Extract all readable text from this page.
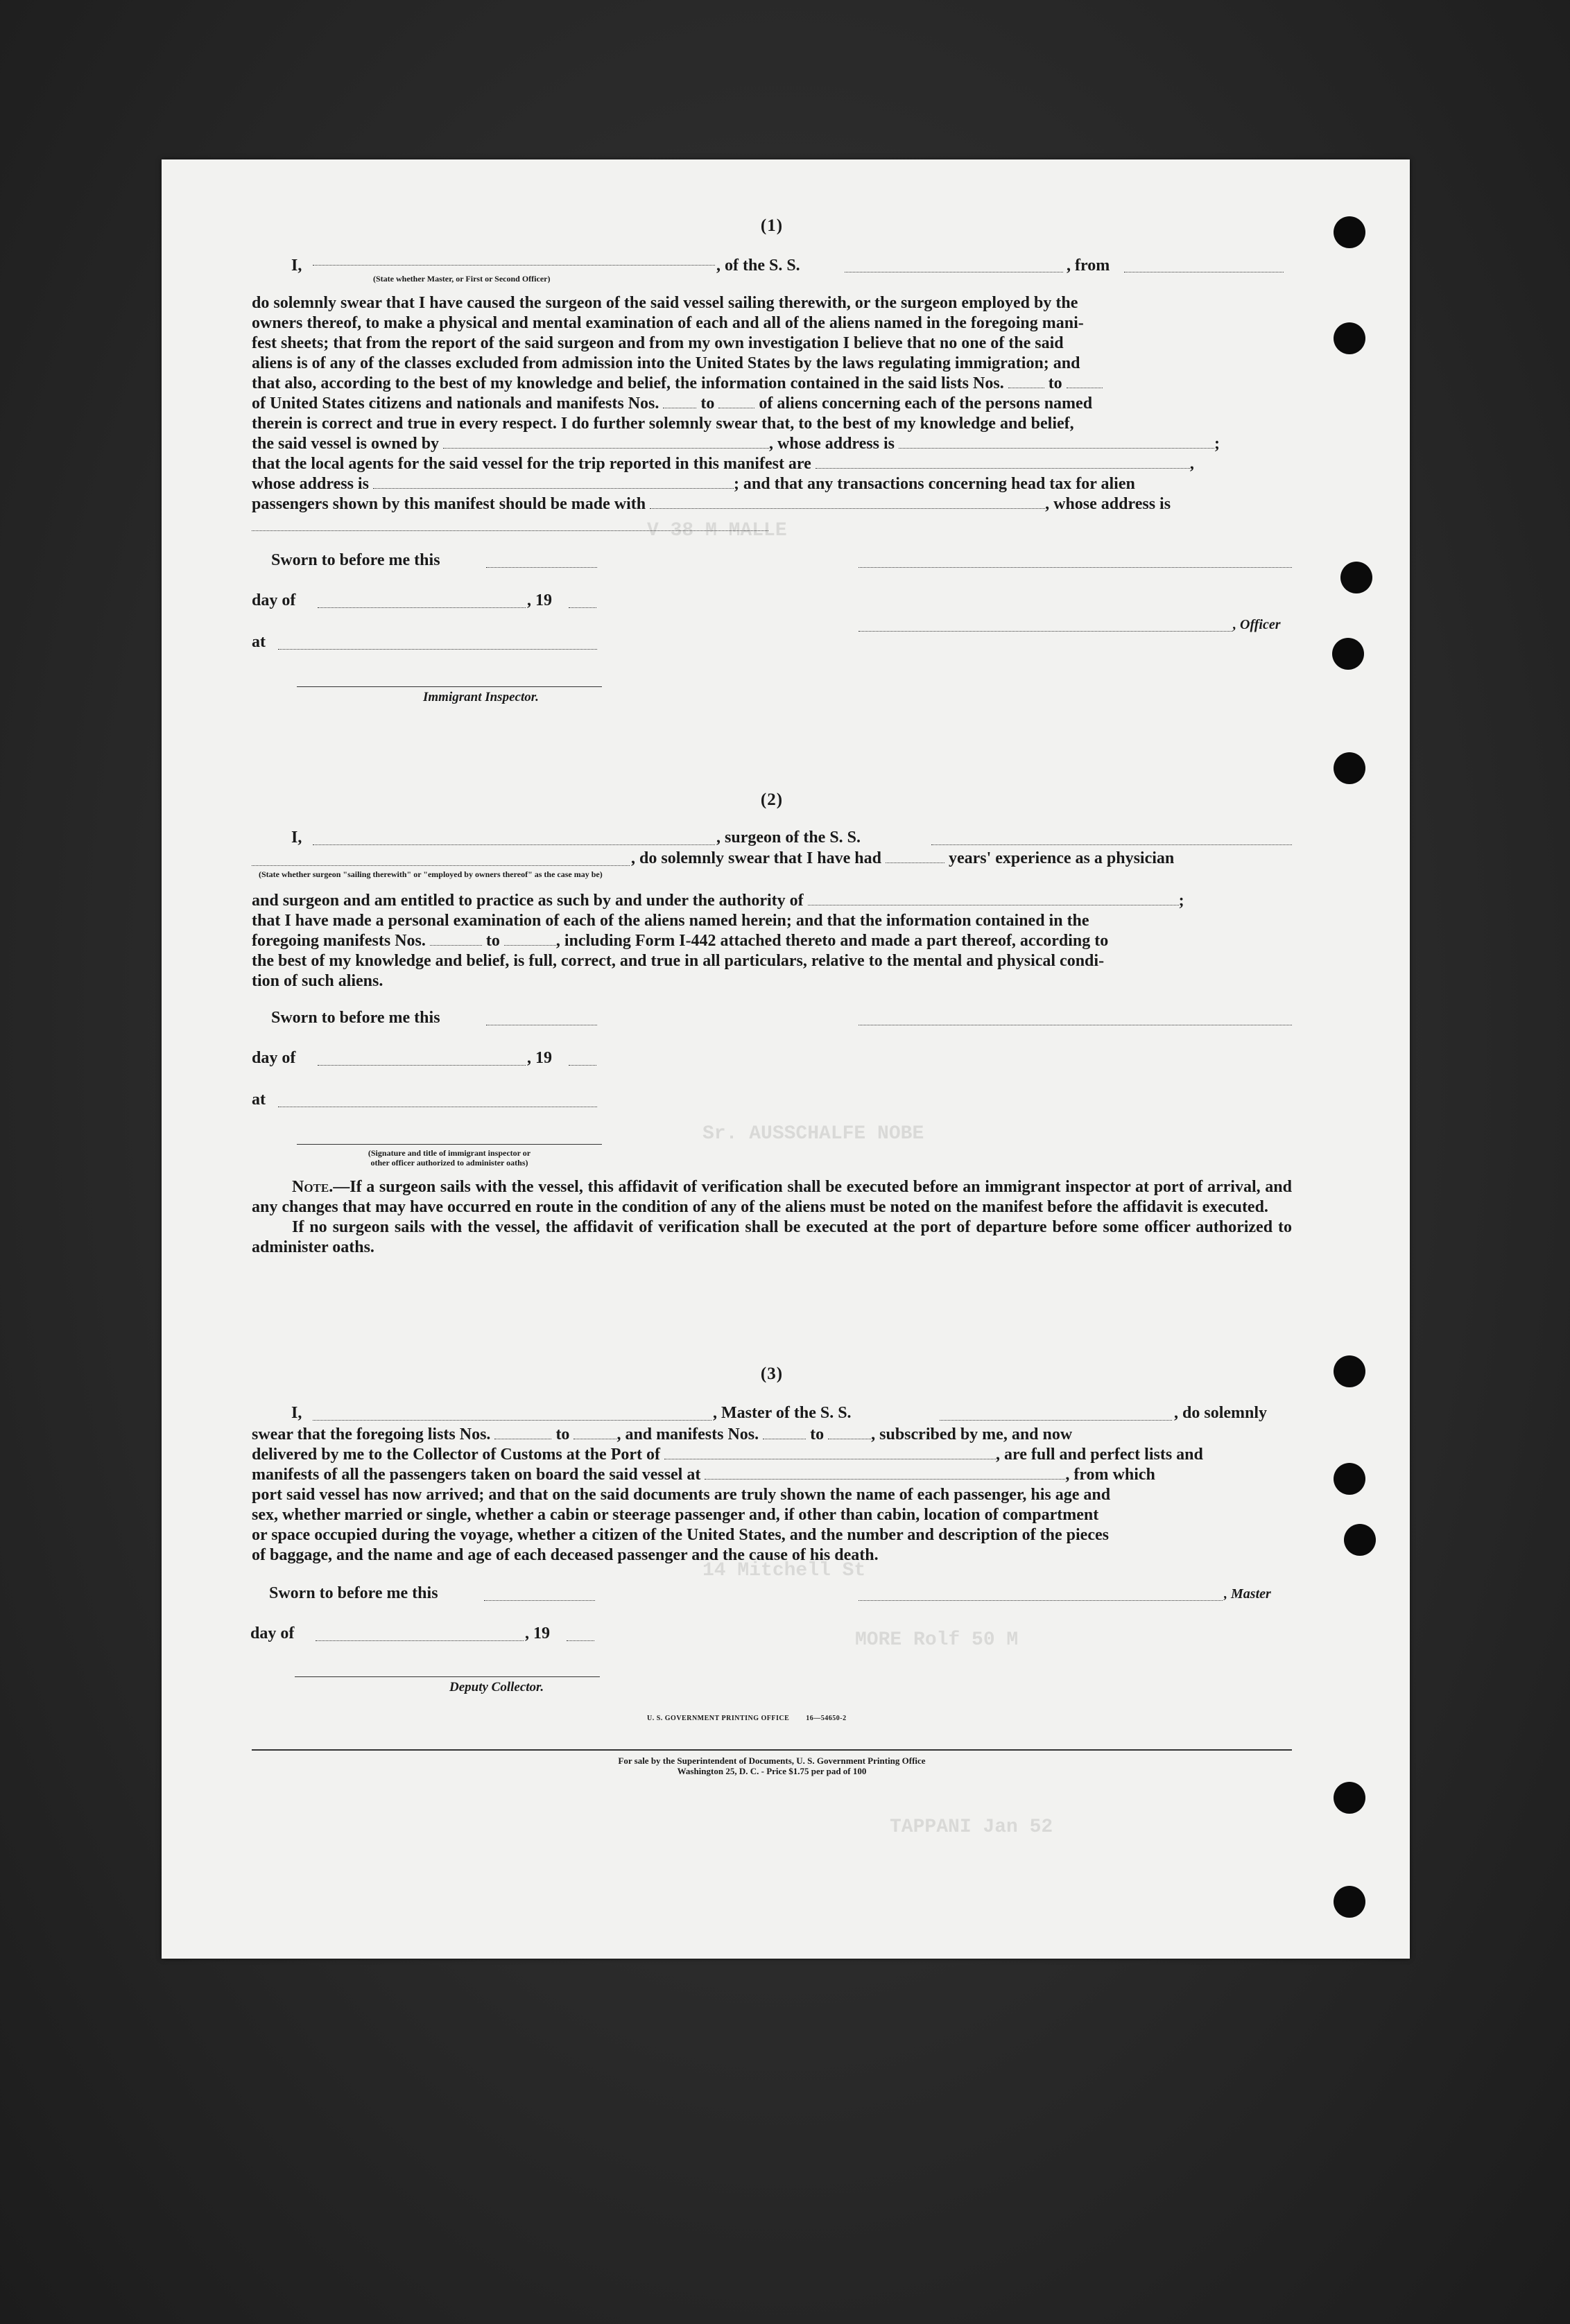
V 38 M MALLE
Sr. AUSSCHALFE NOBE
14 Mitchell St
MORE Rolf 50 M
TAPPANI Jan 52
(1)
I,
(State whether Master, or First or Second Officer)
, of the S. S.	, from

do solemnly swear that I have caused the surgeon of the said vessel sailing therewith, or the surgeon employed by the

owners thereof, to make a physical and mental examination of each and all of the aliens named in the foregoing mani-

fest sheets; that from the report of the said surgeon and from my own investigation I believe that no one of the said

aliens is of any of the classes excluded from admission into the United States by the laws regulating immigration; and

that also, according to the best of my knowledge and belief, the information contained in the said lists Nos.	to

of United States citizens and nationals and manifests Nos.	to	of aliens concerning each of the persons named

therein is correct and true in every respect. I do further solemnly swear that, to the best of my knowledge and belief,

the said vessel is owned by	, whose address is	;

that the local agents for the said vessel for the trip reported in this manifest are	,

whose address is	; and that any transactions concerning head tax for alien

passengers shown by this manifest should be made with	, whose address is

Sworn to before me this
day of	, 19
, Officer
at
Immigrant Inspector.
(2)
I,	, surgeon of the S. S.
, do solemnly swear that I have had	years' experience as a physician
(State whether surgeon "sailing therewith" or "employed by owners thereof" as the case may be)

and surgeon and am entitled to practice as such by and under the authority of	;

that I have made a personal examination of each of the aliens named herein; and that the information contained in the

foregoing manifests Nos.	to	, including Form I-442 attached thereto and made a part thereof, according to

the best of my knowledge and belief, is full, correct, and true in all particulars, relative to the mental and physical condi-

tion of such aliens.

Sworn to before me this
day of	, 19
at
(Signature and title of immigrant inspector or
other officer authorized to administer oaths)

Note.—If a surgeon sails with the vessel, this affidavit of verification shall be executed before an immigrant inspector at port of arrival, and any changes that may have occurred en route in the condition of any of the aliens must be noted on the manifest before the affidavit is executed.

If no surgeon sails with the vessel, the affidavit of verification shall be executed at the port of departure before some officer authorized to administer oaths.

(3)
I,	, Master of the S. S.	, do solemnly

swear that the foregoing lists Nos.	to	, and manifests Nos.	to	, subscribed by me, and now

delivered by me to the Collector of Customs at the Port of	, are full and perfect lists and

manifests of all the passengers taken on board the said vessel at	, from which

port said vessel has now arrived; and that on the said documents are truly shown the name of each passenger, his age and

sex, whether married or single, whether a cabin or steerage passenger and, if other than cabin, location of compartment

or space occupied during the voyage, whether a citizen of the United States, and the number and description of the pieces

of baggage, and the name and age of each deceased passenger and the cause of his death.

Sworn to before me this	, Master
day of	, 19
Deputy Collector.
U. S. GOVERNMENT PRINTING OFFICE        16—54650-2
For sale by the Superintendent of Documents, U. S. Government Printing Office
Washington 25, D. C. - Price $1.75 per pad of 100
